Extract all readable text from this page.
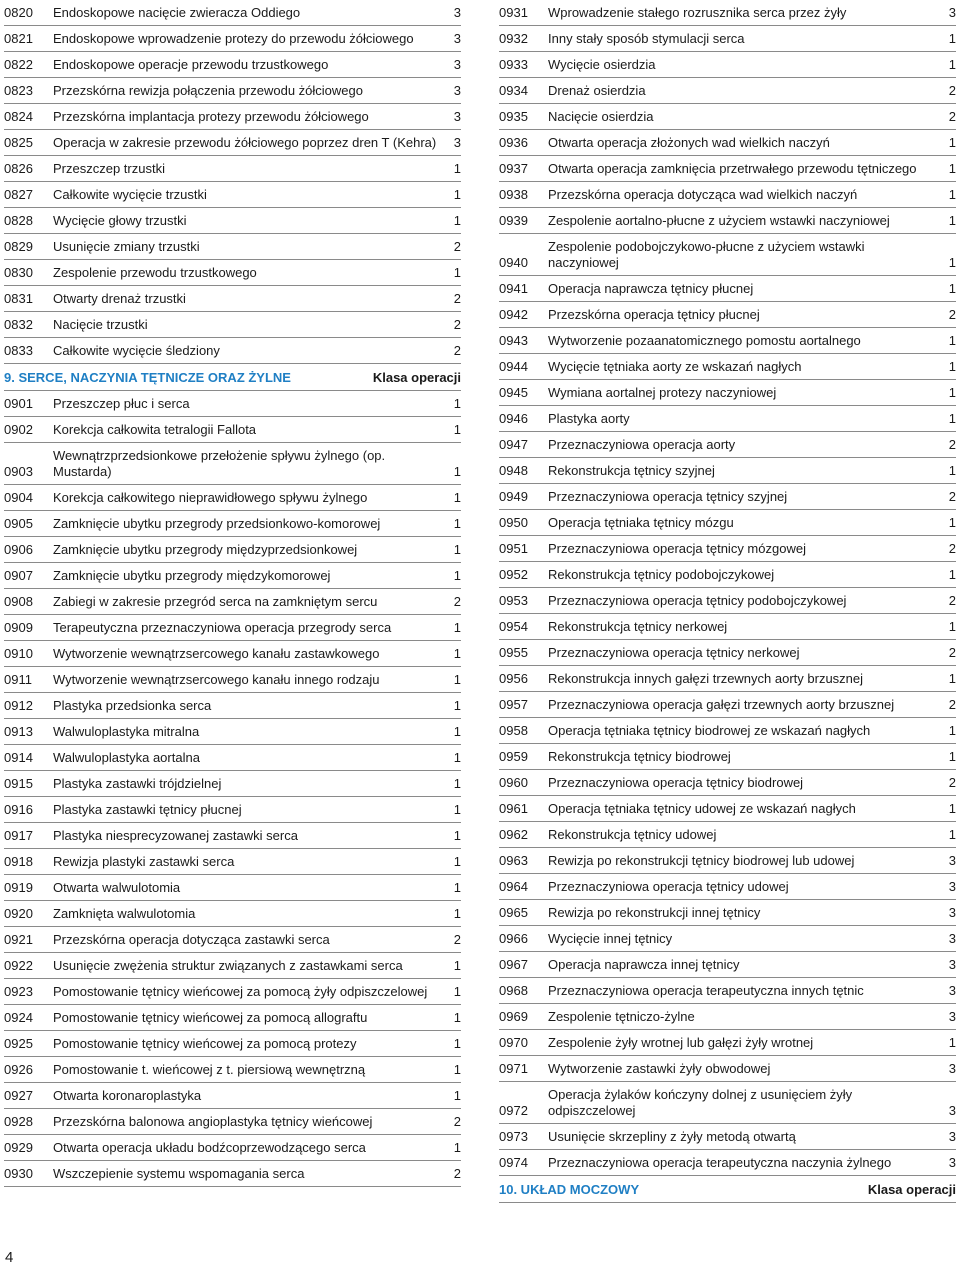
0820	Endoskopowe nacięcie zwieracza Oddiego	3
0821	Endoskopowe wprowadzenie protezy do przewodu żółciowego	3
0822	Endoskopowe operacje przewodu trzustkowego	3
0823	Przezskórna rewizja połączenia przewodu żółciowego	3
0824	Przezskórna implantacja protezy przewodu żółciowego	3
0825	Operacja w zakresie przewodu żółciowego poprzez dren T (Kehra)	3
0826	Przeszczep trzustki	1
0827	Całkowite wycięcie trzustki	1
0828	Wycięcie głowy trzustki	1
0829	Usunięcie zmiany trzustki	2
0830	Zespolenie przewodu trzustkowego	1
0831	Otwarty drenaż trzustki	2
0832	Nacięcie trzustki	2
0833	Całkowite wycięcie śledziony	2
9. SERCE, NACZYNIA TĘTNICZE ORAZ ŻYLNE	Klasa operacji
0901	Przeszczep płuc i serca	1
0902	Korekcja całkowita tetralogii Fallota	1
0903
Wewnątrzprzedsionkowe przełożenie spływu żylnego (op. Mustarda)	1
0904	Korekcja całkowitego nieprawidłowego spływu żylnego	1
0905	Zamknięcie ubytku przegrody przedsionkowo-komorowej	1
0906	Zamknięcie ubytku przegrody międzyprzedsionkowej	1
0907	Zamknięcie ubytku przegrody międzykomorowej	1
0908	Zabiegi w zakresie przegród serca na zamkniętym sercu	2
0909	Terapeutyczna przeznaczyniowa operacja przegrody serca	1
0910	Wytworzenie wewnątrzsercowego kanału zastawkowego	1
0911	Wytworzenie wewnątrzsercowego kanału innego rodzaju	1
0912	Plastyka przedsionka serca	1
0913	Walwuloplastyka mitralna	1
0914	Walwuloplastyka aortalna	1
0915	Plastyka zastawki trójdzielnej	1
0916	Plastyka zastawki tętnicy płucnej	1
0917	Plastyka niesprecyzowanej zastawki serca	1
0918	Rewizja plastyki zastawki serca	1
0919	Otwarta walwulotomia	1
0920	Zamknięta walwulotomia	1
0921	Przezskórna operacja dotycząca zastawki serca	2
0922	Usunięcie zwężenia struktur związanych z zastawkami serca	1
0923	Pomostowanie tętnicy wieńcowej za pomocą żyły odpiszczelowej	1
0924	Pomostowanie tętnicy wieńcowej za pomocą allograftu	1
0925	Pomostowanie tętnicy wieńcowej za pomocą protezy	1
0926	Pomostowanie t. wieńcowej z t. piersiową wewnętrzną	1
0927	Otwarta koronaroplastyka	1
0928	Przezskórna balonowa angioplastyka tętnicy wieńcowej	2
0929	Otwarta operacja układu bodźcoprzewodzącego serca	1
0930	Wszczepienie systemu wspomagania serca	2
0931	Wprowadzenie stałego rozrusznika serca przez żyły	3
0932	Inny stały sposób stymulacji serca	1
0933	Wycięcie osierdzia	1
0934	Drenaż osierdzia	2
0935	Nacięcie osierdzia	2
0936	Otwarta operacja złożonych wad wielkich naczyń	1
0937	Otwarta operacja zamknięcia przetrwałego przewodu tętniczego	1
0938	Przezskórna operacja dotycząca wad wielkich naczyń	1
0939	Zespolenie aortalno-płucne z użyciem wstawki naczyniowej	1
0940
Zespolenie podobojczykowo-płucne z użyciem wstawki naczyniowej	1
0941	Operacja naprawcza tętnicy płucnej	1
0942	Przezskórna operacja tętnicy płucnej	2
0943	Wytworzenie pozaanatomicznego pomostu aortalnego	1
0944	Wycięcie tętniaka aorty ze wskazań nagłych	1
0945	Wymiana aortalnej protezy naczyniowej	1
0946	Plastyka aorty	1
0947	Przeznaczyniowa operacja aorty	2
0948	Rekonstrukcja tętnicy szyjnej	1
0949	Przeznaczyniowa operacja tętnicy szyjnej	2
0950	Operacja tętniaka tętnicy mózgu	1
0951	Przeznaczyniowa operacja tętnicy mózgowej	2
0952	Rekonstrukcja tętnicy podobojczykowej	1
0953	Przeznaczyniowa operacja tętnicy podobojczykowej	2
0954	Rekonstrukcja tętnicy nerkowej	1
0955	Przeznaczyniowa operacja tętnicy nerkowej	2
0956	Rekonstrukcja innych gałęzi trzewnych aorty brzusznej	1
0957	Przeznaczyniowa operacja gałęzi trzewnych aorty brzusznej	2
0958	Operacja tętniaka tętnicy biodrowej ze wskazań nagłych	1
0959	Rekonstrukcja tętnicy biodrowej	1
0960	Przeznaczyniowa operacja tętnicy biodrowej	2
0961	Operacja tętniaka tętnicy udowej ze wskazań nagłych	1
0962	Rekonstrukcja tętnicy udowej	1
0963	Rewizja po rekonstrukcji tętnicy biodrowej lub udowej	3
0964	Przeznaczyniowa operacja tętnicy udowej	3
0965	Rewizja po rekonstrukcji innej tętnicy	3
0966	Wycięcie innej tętnicy	3
0967	Operacja naprawcza innej tętnicy	3
0968	Przeznaczyniowa operacja terapeutyczna innych tętnic	3
0969	Zespolenie tętniczo-żylne	3
0970	Zespolenie żyły wrotnej lub gałęzi żyły wrotnej	1
0971	Wytworzenie zastawki żyły obwodowej	3
0972
Operacja żylaków kończyny dolnej z usunięciem żyły odpiszczelowej	3
0973	Usunięcie skrzepliny z żyły metodą otwartą	3
0974	Przeznaczyniowa operacja terapeutyczna naczynia żylnego	3
10. UKŁAD MOCZOWY	Klasa operacji
4
